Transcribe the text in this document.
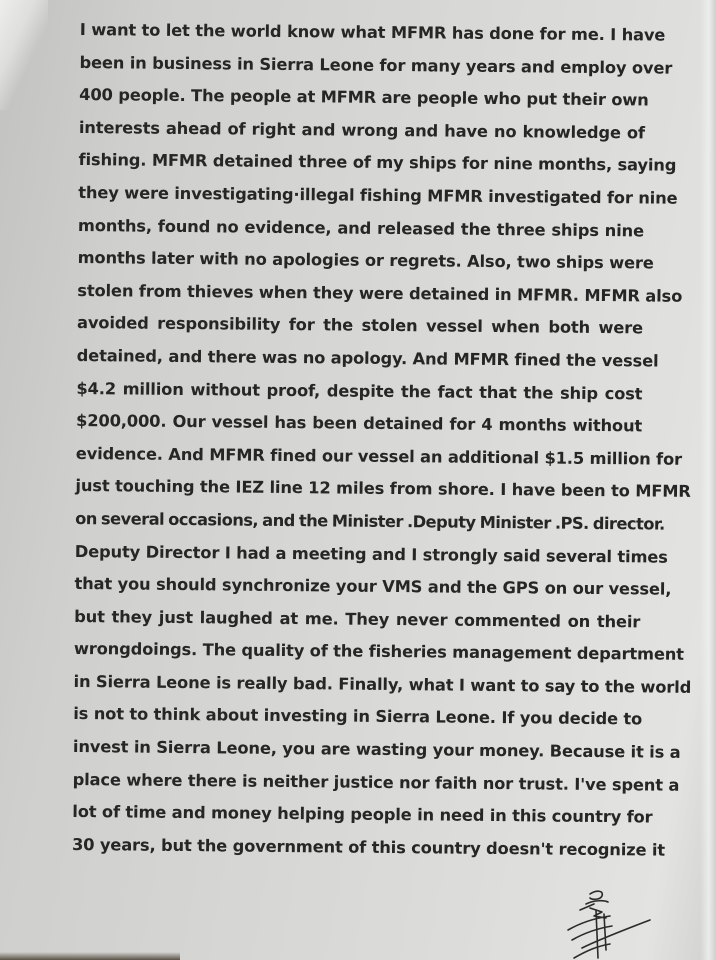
I want to let the world know what MFMR has done for me. I have
been in business in Sierra Leone for many years and employ over
400 people. The people at MFMR are people who put their own
interests ahead of right and wrong and have no knowledge of
fishing. MFMR detained three of my ships for nine months, saying
they were investigating·illegal fishing MFMR investigated for nine
months, found no evidence, and released the three ships nine
months later with no apologies or regrets. Also, two ships were
stolen from thieves when they were detained in MFMR. MFMR also
avoided responsibility for the stolen vessel when both were
detained, and there was no apology. And MFMR fined the vessel
$4.2 million without proof, despite the fact that the ship cost
$200,000. Our vessel has been detained for 4 months without
evidence. And MFMR fined our vessel an additional $1.5 million for
just touching the IEZ line 12 miles from shore. I have been to MFMR
on several occasions, and the Minister .Deputy Minister .PS. director.
Deputy Director I had a meeting and I strongly said several times
that you should synchronize your VMS and the GPS on our vessel,
but they just laughed at me. They never commented on their
wrongdoings. The quality of the fisheries management department
in Sierra Leone is really bad. Finally, what I want to say to the world
is not to think about investing in Sierra Leone. If you decide to
invest in Sierra Leone, you are wasting your money. Because it is a
place where there is neither justice nor faith nor trust. I've spent a
lot of time and money helping people in need in this country for
30 years, but the government of this country doesn't recognize it
